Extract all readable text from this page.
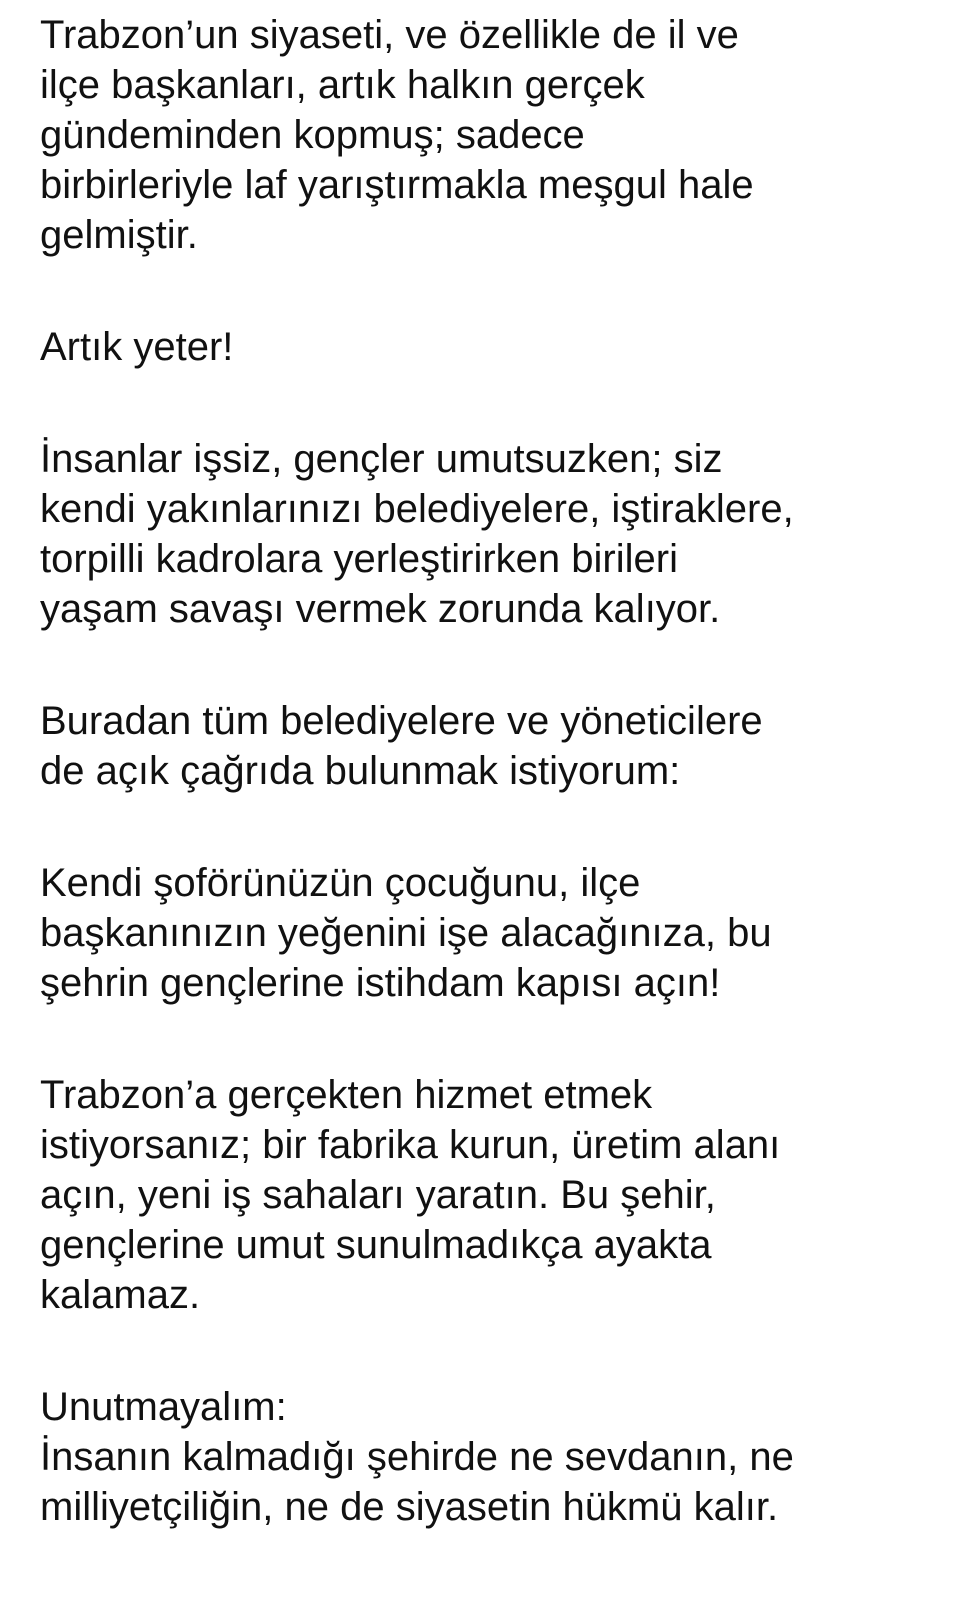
Trabzon’un siyaseti, ve özellikle de il ve
ilçe başkanları, artık halkın gerçek
gündeminden kopmuş; sadece
birbirleriyle laf yarıştırmakla meşgul hale
gelmiştir.

Artık yeter!

İnsanlar işsiz, gençler umutsuzken; siz
kendi yakınlarınızı belediyelere, iştiraklere,
torpilli kadrolara yerleştirirken birileri
yaşam savaşı vermek zorunda kalıyor.

Buradan tüm belediyelere ve yöneticilere
de açık çağrıda bulunmak istiyorum:

Kendi şoförünüzün çocuğunu, ilçe
başkanınızın yeğenini işe alacağınıza, bu
şehrin gençlerine istihdam kapısı açın!

Trabzon’a gerçekten hizmet etmek
istiyorsanız; bir fabrika kurun, üretim alanı
açın, yeni iş sahaları yaratın. Bu şehir,
gençlerine umut sunulmadıkça ayakta
kalamaz.

Unutmayalım:
İnsanın kalmadığı şehirde ne sevdanın, ne
milliyetçiliğin, ne de siyasetin hükmü kalır.
